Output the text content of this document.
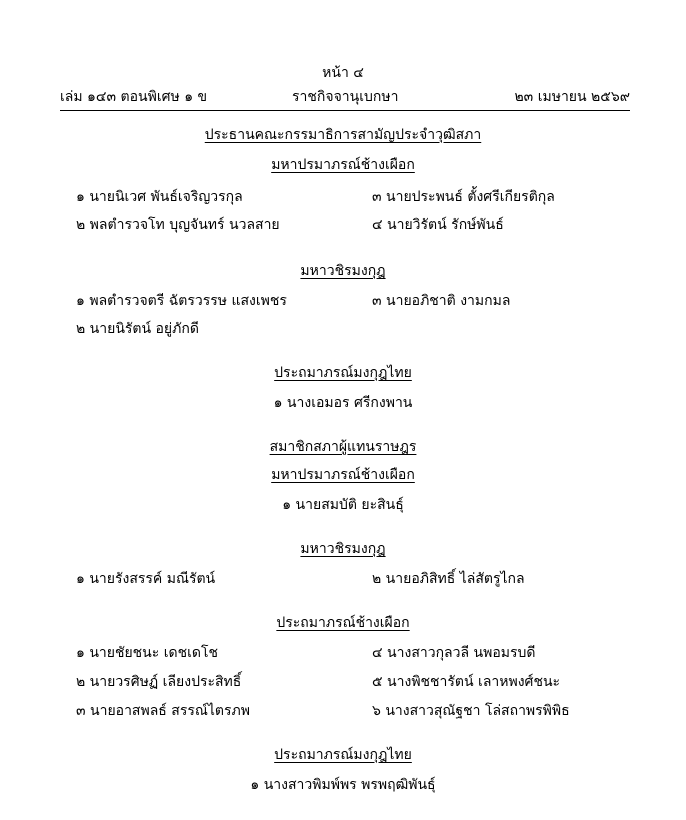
หน้า ๔
เล่ม ๑๔๓ ตอนพิเศษ ๑ ข	ราชกิจจานุเบกษา	๒๓ เมษายน ๒๕๖๙
ประธานคณะกรรมาธิการสามัญประจำวุฒิสภา
มหาปรมาภรณ์ช้างเผือก
๑ นายนิเวศ พันธ์เจริญวรกุล	๓ นายประพนธ์ ตั้งศรีเกียรติกุล
๒ พลตำรวจโท บุญจันทร์ นวลสาย	๔ นายวิรัตน์ รักษ์พันธ์
มหาวชิรมงกุฎ
๑ พลตำรวจตรี ฉัตรวรรษ แสงเพชร	๓ นายอภิชาติ งามกมล
๒ นายนิรัตน์ อยู่ภักดี
ประถมาภรณ์มงกุฎไทย
๑ นางเอมอร ศรีกงพาน
สมาชิกสภาผู้แทนราษฎร
มหาปรมาภรณ์ช้างเผือก
๑ นายสมบัติ ยะสินธุ์
มหาวชิรมงกุฎ
๑ นายรังสรรค์ มณีรัตน์	๒ นายอภิสิทธิ์ ไล่สัตรูไกล
ประถมาภรณ์ช้างเผือก
๑ นายชัยชนะ เดชเดโช	๔ นางสาวกุลวลี นพอมรบดี
๒ นายวรศิษฏ์ เลียงประสิทธิ์	๕ นางพิชชารัตน์ เลาหพงศ์ชนะ
๓ นายอาสพลธ์ สรรณ์ไตรภพ	๖ นางสาวสุณัฐชา โล่สถาพรพิพิธ
ประถมาภรณ์มงกุฎไทย
๑ นางสาวพิมพ์พร พรพฤฒิพันธุ์
